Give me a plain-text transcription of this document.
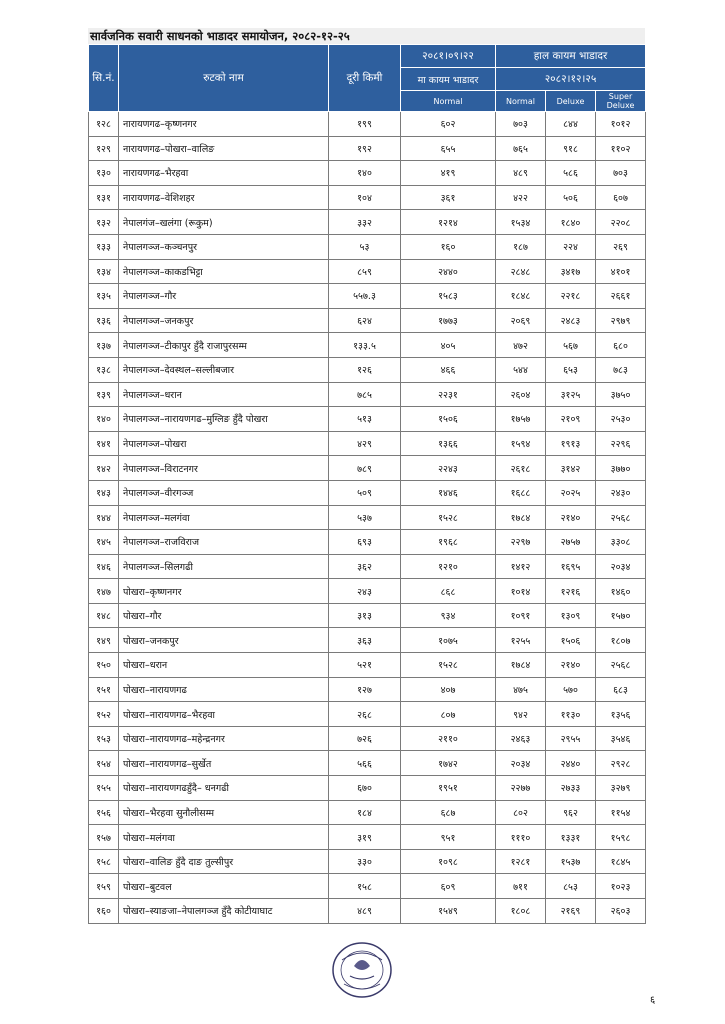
सार्वजनिक सवारी साधनको भाडादर समायोजन, २०८२-१२-२५
सि.नं.	रुटको नाम	दूरी किमी	२०८१।०९।२२	हाल कायम भाडादर		
			मा कायम भाडादर	२०८२।१२।२५		
			Normal	Normal	Deluxe	Super Deluxe
१२८	नारायणगढ–कृष्णनगर	१९९	६०२	७०३	८४४	१०१२
१२९	नारायणगढ–पोखरा–वालिङ	१९२	६५५	७६५	९१८	११०२
१३०	नारायणगढ–भैरहवा	१४०	४१९	४८९	५८६	७०३
१३१	नारायणगढ–वेशिशहर	१०४	३६१	४२२	५०६	६०७
१३२	नेपालगंज–खलंगा (रूकुम)	३३२	१२१४	१५३४	१८४०	२२०८
१३३	नेपालगञ्ज–कञ्चनपुर	५३	१६०	१८७	२२४	२६९
१३४	नेपालगञ्ज–काकडभिट्टा	८५९	२४४०	२८४८	३४१७	४१०१
१३५	नेपालगञ्ज–गौर	५५७.३	१५८३	१८४८	२२१८	२६६१
१३६	नेपालगञ्ज–जनकपुर	६२४	१७७३	२०६९	२४८३	२९७९
१३७	नेपालगञ्ज–टीकापुर हुँदै राजापुरसम्म	१३३.५	४०५	४७२	५६७	६८०
१३८	नेपालगञ्ज–देवस्थल–सल्लीबजार	१२६	४६६	५४४	६५३	७८३
१३९	नेपालगञ्ज–धरान	७८५	२२३१	२६०४	३१२५	३७५०
१४०	नेपालगञ्ज–नारायणगढ–मुग्लिङ हुँदै पोखरा	५१३	१५०६	१७५७	२१०९	२५३०
१४१	नेपालगञ्ज–पोखरा	४२९	१३६६	१५९४	१९१३	२२९६
१४२	नेपालगञ्ज–विराटनगर	७८९	२२४३	२६१८	३१४२	३७७०
१४३	नेपालगञ्ज–वीरगञ्ज	५०९	१४४६	१६८८	२०२५	२४३०
१४४	नेपालगञ्ज–मलगंवा	५३७	१५२८	१७८४	२१४०	२५६८
१४५	नेपालगञ्ज–राजविराज	६९३	१९६८	२२९७	२७५७	३३०८
१४६	नेपालगञ्ज–सिलगढी	३६२	१२१०	१४१२	१६९५	२०३४
१४७	पोखरा–कृष्णनगर	२४३	८६८	१०१४	१२१६	१४६०
१४८	पोखरा–गौर	३१३	९३४	१०९१	१३०९	१५७०
१४९	पोखरा–जनकपुर	३६३	१०७५	१२५५	१५०६	१८०७
१५०	पोखरा–धरान	५२१	१५२८	१७८४	२१४०	२५६८
१५१	पोखरा–नारायणगढ	१२७	४०७	४७५	५७०	६८३
१५२	पोखरा–नारायणगढ–भैरहवा	२६८	८०७	९४२	११३०	१३५६
१५३	पोखरा–नारायणगढ–महेन्द्रनगर	७२६	२११०	२४६३	२९५५	३५४६
१५४	पोखरा–नारायणगढ–सुर्खेत	५६६	१७४२	२०३४	२४४०	२९२८
१५५	पोखरा–नारायणगढहुँदै– धनगढी	६७०	१९५१	२२७७	२७३३	३२७९
१५६	पोखरा–भैरहवा सुनौलीसम्म	१८४	६८७	८०२	९६२	११५४
१५७	पोखरा–मलंगवा	३१९	९५१	१११०	१३३१	१५९८
१५८	पोखरा–वालिङ हुँदै दाङ तुल्सीपुर	३३०	१०९८	१२८१	१५३७	१८४५
१५९	पोखरा–बुटवल	१५८	६०९	७११	८५३	१०२३
१६०	पोखरा–स्याङजा–नेपालगञ्ज हुँदै कोटीयाघाट	४८९	१५४९	१८०८	२१६९	२६०३
६
